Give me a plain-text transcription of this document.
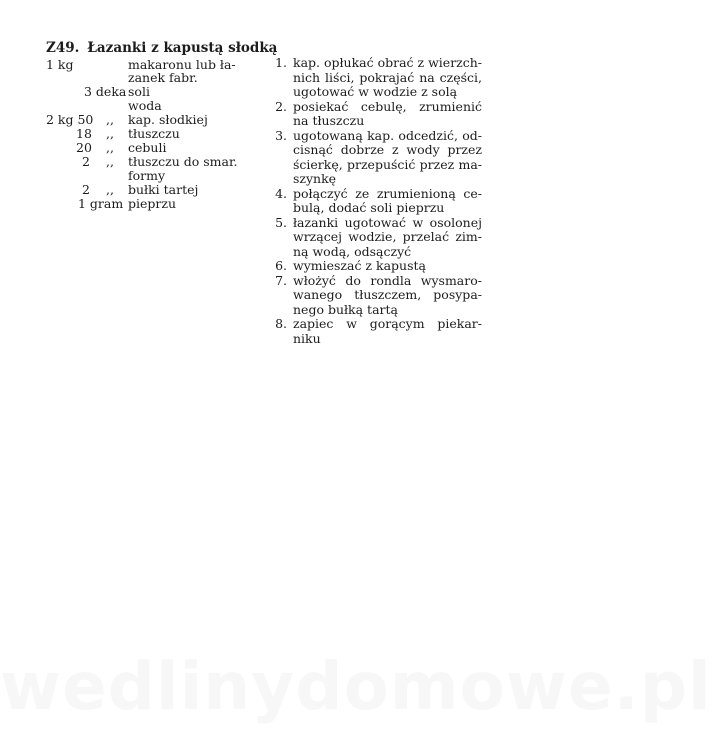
Z49. Łazanki z kapustą słodką
1 kg	makaronu lub ła-
zanek fabr.
3 deka soli
woda
2 kg 50 ,, kap. słodkiej
18 ,, tłuszczu
20 ,, cebuli
2 ,, tłuszczu do smar.
formy
2 ,, bułki tartej
1 gram pieprzu
1. kap. opłukać obrać z wierzch-
nich liści, pokrajać na części,
ugotować w wodzie z solą
2. posiekać cebulę, zrumienić
na tłuszczu
3. ugotowaną kap. odcedzić, od-
cisnąć dobrze z wody przez
ścierkę, przepuścić przez ma-
szynkę
4. połączyć ze zrumienioną ce-
bulą, dodać soli pieprzu
5. łazanki ugotować w osolonej
wrzącej wodzie, przelać zim-
ną wodą, odsączyć
6. wymieszać z kapustą
7. włożyć do rondla wysmaro-
wanego tłuszczem, posypa-
nego bułką tartą
8. zapiec w gorącym piekar-
niku
wedlinydomowe.pl
